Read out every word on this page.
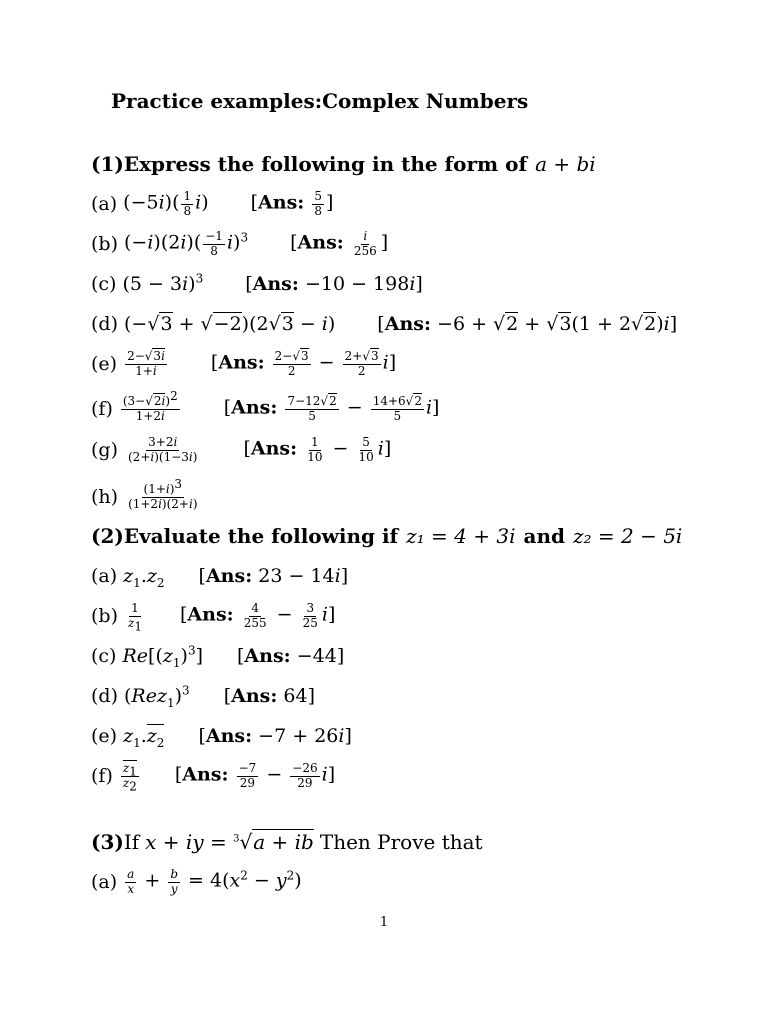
Practice examples:Complex Numbers
(1) Express the following in the form of a + bi
(a) $(-5i)( \frac{1}{8} i)$ [Ans: $\frac{5}{8}$ ]
(b) $(-i)(2i)( \frac{-1}{8} i)^3$ [Ans: $\frac{i}{256}$ ]
(c) $(5 - 3i)^3$ [Ans: −10 − 198i]
(d) (−√3 + √−2)(2√3 − i) [Ans: −6 + √2 + √3(1 + 2√2)i]
$(e) \frac{2-√3i}{1+i} [Ans$: $\frac{2-√3}{2} - \frac{2+√3}{2} i$]
$(f) \frac{(3-√2i)^2}{1+2i} [Ans$: $\frac{7-12√2}{5} - \frac{14+6√2}{5} i$]
$(g) \frac{3+2i}{(2+i)(1-3i)} [Ans$: $\frac{1}{10} - \frac{5}{10} i$]
$(h) \frac{(1+i)^3}{(1+2i)(2+i)}$
(2) Evaluate the following if z₁ = 4 + 3i and z₂ = 2 − 5i
(a) $z_1.z_2$ [Ans: 23 − 14i]
$(b) \frac{1}{z_1} [Ans$: $\frac{4}{255} - \frac{3}{25} i$]
(c) $Re[(z_1)^3]$ [Ans: −44]
(d) $(Rez_1)^3$ [Ans: 64]
(e) $z_1.z_2$ [Ans: −7 + 26i]
$(f) \frac{z_1}{z_2} [Ans$: $\frac{-7}{29} - \frac{-26}{29} i$]
(3) If x + iy = $^3$√a + ib Then Prove that
$(a) \frac{a}{x} + \frac{b}{y} = 4(x^2 - y^2)$
1
